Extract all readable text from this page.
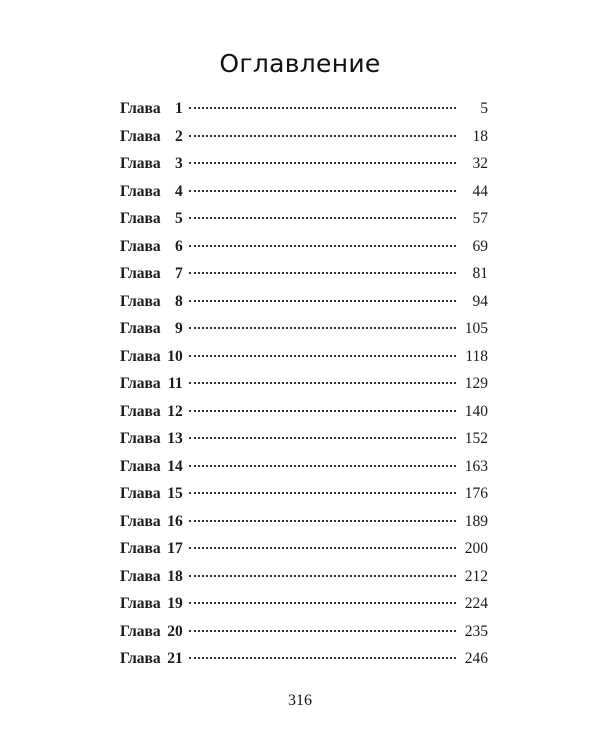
Оглавление
Глава 1	5
Глава 2	18
Глава 3	32
Глава 4	44
Глава 5	57
Глава 6	69
Глава 7	81
Глава 8	94
Глава 9	105
Глава 10	118
Глава 11	129
Глава 12	140
Глава 13	152
Глава 14	163
Глава 15	176
Глава 16	189
Глава 17	200
Глава 18	212
Глава 19	224
Глава 20	235
Глава 21	246
316
